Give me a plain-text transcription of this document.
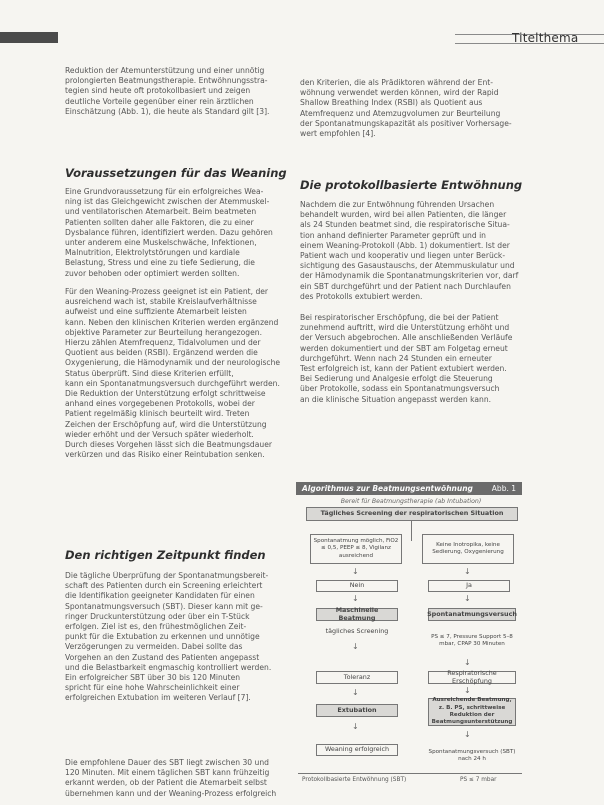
Titelthema
Reduktion der Atemunterstützung und einer unnötig
prolongierten Beatmungstherapie. Entwöhnungsstra-
tegien sind heute oft protokollbasiert und zeigen
deutliche Vorteile gegenüber einer rein ärztlichen
Einschätzung (Abb. 1), die heute als Standard gilt [3].
Voraussetzungen für das Weaning
Eine Grundvoraussetzung für ein erfolgreiches Wea-
ning ist das Gleichgewicht zwischen der Atemmuskel-
und ventilatorischen Atemarbeit. Beim beatmeten
Patienten sollten daher alle Faktoren, die zu einer
Dysbalance führen, identifiziert werden. Dazu gehören
unter anderem eine Muskelschwäche, Infektionen,
Malnutrition, Elektrolytstörungen und kardiale
Belastung, Stress und eine zu tiefe Sedierung, die
zuvor behoben oder optimiert werden sollten.
Für den Weaning-Prozess geeignet ist ein Patient, der
ausreichend wach ist, stabile Kreislaufverhältnisse
aufweist und eine suffiziente Atemarbeit leisten
kann. Neben den klinischen Kriterien werden ergänzend
objektive Parameter zur Beurteilung herangezogen.
Hierzu zählen Atemfrequenz, Tidalvolumen und der
Quotient aus beiden (RSBI). Ergänzend werden die
Oxygenierung, die Hämodynamik und der neurologische
Status überprüft. Sind diese Kriterien erfüllt,
kann ein Spontanatmungsversuch durchgeführt werden.
Die Reduktion der Unterstützung erfolgt schrittweise
anhand eines vorgegebenen Protokolls, wobei der
Patient regelmäßig klinisch beurteilt wird. Treten
Zeichen der Erschöpfung auf, wird die Unterstützung
wieder erhöht und der Versuch später wiederholt.
Durch dieses Vorgehen lässt sich die Beatmungsdauer
verkürzen und das Risiko einer Reintubation senken.
Den richtigen Zeitpunkt finden
Die tägliche Überprüfung der Spontanatmungsbereit-
schaft des Patienten durch ein Screening erleichtert
die Identifikation geeigneter Kandidaten für einen
Spontanatmungsversuch (SBT). Dieser kann mit ge-
ringer Druckunterstützung oder über ein T-Stück
erfolgen. Ziel ist es, den frühestmöglichen Zeit-
punkt für die Extubation zu erkennen und unnötige
Verzögerungen zu vermeiden. Dabei sollte das
Vorgehen an den Zustand des Patienten angepasst
und die Belastbarkeit engmaschig kontrolliert werden.
Ein erfolgreicher SBT über 30 bis 120 Minuten
spricht für eine hohe Wahrscheinlichkeit einer
erfolgreichen Extubation im weiteren Verlauf [7].
Die empfohlene Dauer des SBT liegt zwischen 30 und
120 Minuten. Mit einem täglichen SBT kann frühzeitig
erkannt werden, ob der Patient die Atemarbeit selbst
übernehmen kann und der Weaning-Prozess erfolgreich
den Kriterien, die als Prädiktoren während der Ent-
wöhnung verwendet werden können, wird der Rapid
Shallow Breathing Index (RSBI) als Quotient aus
Atemfrequenz und Atemzugvolumen zur Beurteilung
der Spontanatmungskapazität als positiver Vorhersage-
wert empfohlen [4].
Die protokollbasierte Entwöhnung
Nachdem die zur Entwöhnung führenden Ursachen
behandelt wurden, wird bei allen Patienten, die länger
als 24 Stunden beatmet sind, die respiratorische Situa-
tion anhand definierter Parameter geprüft und in
einem Weaning-Protokoll (Abb. 1) dokumentiert. Ist der
Patient wach und kooperativ und liegen unter Berück-
sichtigung des Gasaustauschs, der Atemmuskulatur und
der Hämodynamik die Spontanatmungskriterien vor, darf
ein SBT durchgeführt und der Patient nach Durchlaufen
des Protokolls extubiert werden.
Bei respiratorischer Erschöpfung, die bei der Patient
zunehmend auftritt, wird die Unterstützung erhöht und
der Versuch abgebrochen. Alle anschließenden Verläufe
werden dokumentiert und der SBT am Folgetag erneut
durchgeführt. Wenn nach 24 Stunden ein erneuter
Test erfolgreich ist, kann der Patient extubiert werden.
Bei Sedierung und Analgesie erfolgt die Steuerung
über Protokolle, sodass ein Spontanatmungsversuch
an die klinische Situation angepasst werden kann.
Algorithmus zur Beatmungsentwöhnung	Abb. 1
Bereit für Beatmungstherapie (ab Intubation)
Tägliches Screening der respiratorischen Situation
Spontanatmung möglich, FiO2 ≤ 0,5, PEEP ≤ 8, Vigilanz ausreichend
Keine Inotropika, keine Sedierung, Oxygenierung
↓	↓
Nein	Ja
↓	↓
Maschinelle Beatmung	Spontanatmungsversuch
tägliches Screening
PS ≤ 7, Pressure Support 5–8 mbar, CPAP 30 Minuten
↓
↓
Toleranz	Respiratorische Erschöpfung
↓	↓
Extubation
Ausreichende Beatmung, z. B. PS, schrittweise Reduktion der Beatmungsunterstützung
↓
↓
Weaning erfolgreich	Spontanatmungsversuch (SBT) nach 24 h
Protokollbasierte Entwöhnung (SBT)	PS ≤ 7 mbar
